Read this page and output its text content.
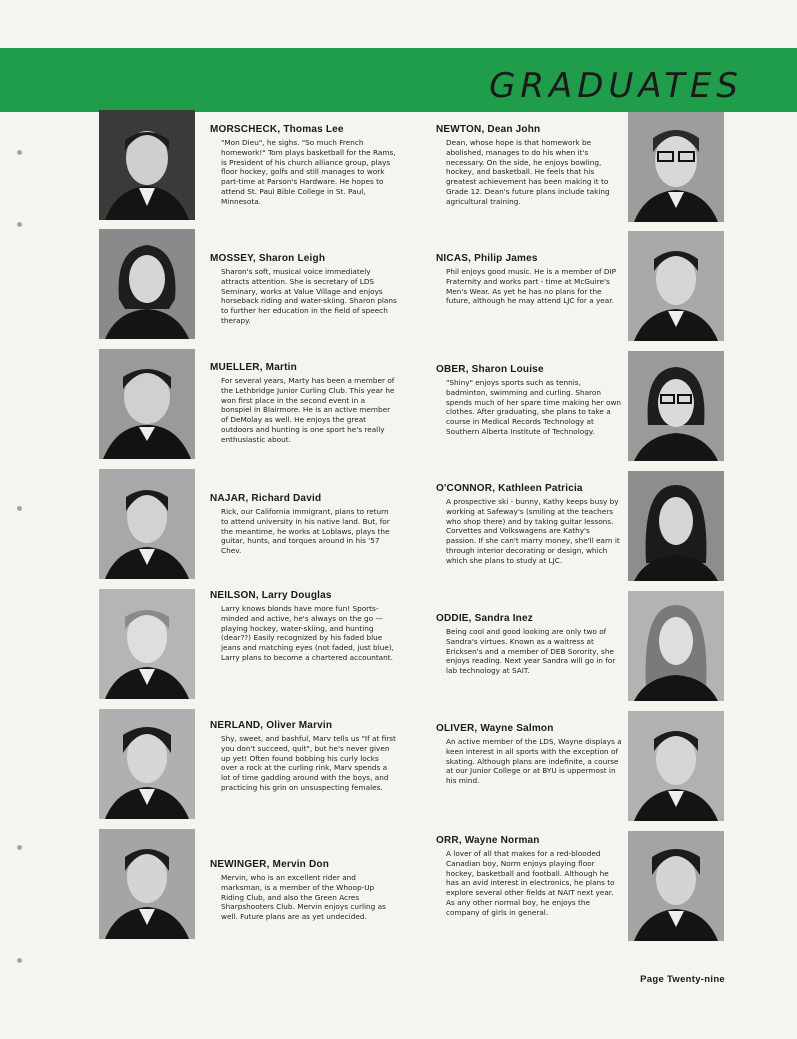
GRADUATES

MORSCHECK, Thomas Lee

"Mon Dieu", he sighs. "So much French homework!" Tom plays basketball for the Rams, is President of his church alliance group, plays floor hockey, golfs and still manages to work part-time at Parson's Hardware. He hopes to attend St. Paul Bible College in St. Paul, Minnesota.

MOSSEY, Sharon Leigh

Sharon's soft, musical voice immediately attracts attention. She is secretary of LDS Seminary, works at Value Village and enjoys horseback riding and water-skiing. Sharon plans to further her education in the field of speech therapy.

MUELLER, Martin

For several years, Marty has been a member of the Lethbridge Junior Curling Club. This year he won first place in the second event in a bonspiel in Blairmore. He is an active member of DeMolay as well. He enjoys the great outdoors and hunting is one sport he's really enthusiastic about.

NAJAR, Richard David

Rick, our California immigrant, plans to return to attend university in his native land. But, for the meantime, he works at Loblaws, plays the guitar, hunts, and torques around in his '57 Chev.

NEILSON, Larry Douglas

Larry knows blonds have more fun! Sports-minded and active, he's always on the go — playing hockey, water-skiing, and hunting (dear??) Easily recognized by his faded blue jeans and matching eyes (not faded, just blue), Larry plans to become a chartered accountant.

NERLAND, Oliver Marvin

Shy, sweet, and bashful, Marv tells us "If at first you don't succeed, quit", but he's never given up yet! Often found bobbing his curly locks over a rock at the curling rink, Marv spends a lot of time gadding around with the boys, and practicing his grin on unsuspecting females.

NEWINGER, Mervin Don

Mervin, who is an excellent rider and marksman, is a member of the Whoop-Up Riding Club, and also the Green Acres Sharpshooters Club. Mervin enjoys curling as well. Future plans are as yet undecided.

NEWTON, Dean John

Dean, whose hope is that homework be abolished, manages to do his when it's necessary. On the side, he enjoys bowling, hockey, and basketball. He feels that his greatest achievement has been making it to Grade 12. Dean's future plans include taking agricultural training.

NICAS, Philip James

Phil enjoys good music. He is a member of DIP Fraternity and works part - time at McGuire's Men's Wear. As yet he has no plans for the future, although he may attend LJC for a year.

OBER, Sharon Louise

"Shiny" enjoys sports such as tennis, badminton, swimming and curling. Sharon spends much of her spare time making her own clothes. After graduating, she plans to take a course in Medical Records Technology at Southern Alberta Institute of Technology.

O'CONNOR, Kathleen Patricia

A prospective ski - bunny, Kathy keeps busy by working at Safeway's (smiling at the teachers who shop there) and by taking guitar lessons. Corvettes and Volkswagens are Kathy's passion. If she can't marry money, she'll earn it through interior decorating or design, which which she plans to study at LJC.

ODDIE, Sandra Inez

Being cool and good looking are only two of Sandra's virtues. Known as a waitress at Ericksen's and a member of DEB Sorority, she enjoys reading. Next year Sandra will go in for lab technology at SAIT.

OLIVER, Wayne Salmon

An active member of the LDS, Wayne displays a keen interest in all sports with the exception of skating. Although plans are indefinite, a course at our Junior College or at BYU is uppermost in his mind.

ORR, Wayne Norman

A lover of all that makes for a red-blooded Canadian boy, Norm enjoys playing floor hockey, basketball and football. Although he has an avid interest in electronics, he plans to explore several other fields at NAIT next year. As any other normal boy, he enjoys the company of girls in general.

Page Twenty-nine
